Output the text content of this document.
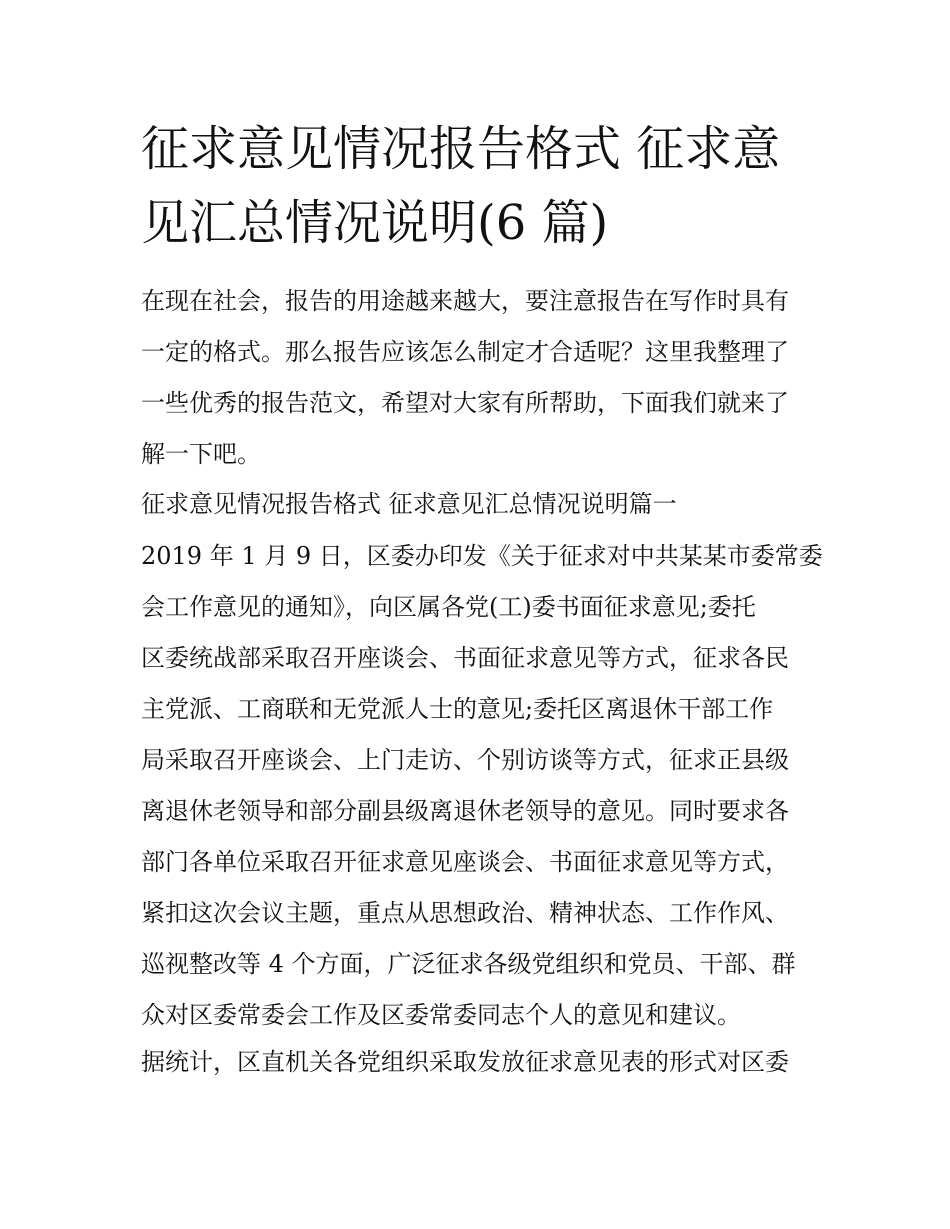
征求意见情况报告格式 征求意
见汇总情况说明(6 篇)
在现在社会，报告的用途越来越大，要注意报告在写作时具有
一定的格式。那么报告应该怎么制定才合适呢？这里我整理了
一些优秀的报告范文，希望对大家有所帮助，下面我们就来了
解一下吧。
征求意见情况报告格式 征求意见汇总情况说明篇一
2019 年 1 月 9 日，区委办印发《关于征求对中共某某市委常委
会工作意见的通知》，向区属各党(工)委书面征求意见;委托
区委统战部采取召开座谈会、书面征求意见等方式，征求各民
主党派、工商联和无党派人士的意见;委托区离退休干部工作
局采取召开座谈会、上门走访、个别访谈等方式，征求正县级
离退休老领导和部分副县级离退休老领导的意见。同时要求各
部门各单位采取召开征求意见座谈会、书面征求意见等方式，
紧扣这次会议主题，重点从思想政治、精神状态、工作作风、
巡视整改等 4 个方面，广泛征求各级党组织和党员、干部、群
众对区委常委会工作及区委常委同志个人的意见和建议。
据统计，区直机关各党组织采取发放征求意见表的形式对区委
